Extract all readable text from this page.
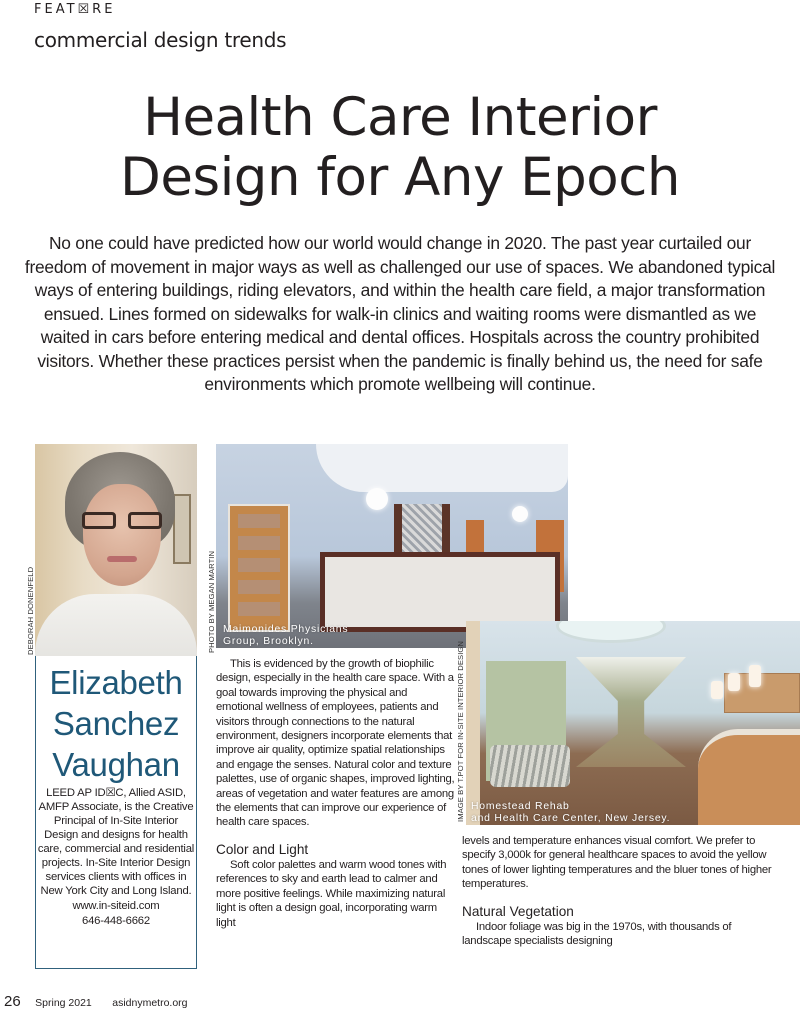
FEAT☒RE
commercial design trends
Health Care Interior
Design for Any Epoch

No one could have predicted how our world would change in 2020. The past year curtailed our freedom of movement in major ways as well as challenged our use of spaces. We abandoned typical ways of entering buildings, riding elevators, and within the health care field, a major transformation ensued. Lines formed on sidewalks for walk-in clinics and waiting rooms were dismantled as we waited in cars before entering medical and dental offices. Hospitals across the country prohibited visitors. Whether these practices persist when the pandemic is finally behind us, the need for safe environments which promote wellbeing will continue.

DEBORAH DONENFELD	Maimonides Physicians
Group, Brooklyn.
PHOTO BY MEGAN MARTIN
Homestead Rehab
and Health Care Center, New Jersey.
IMAGE BY T.POT FOR IN-SITE INTERIOR DESIGN
Elizabeth
Sanchez
Vaughan
LEED AP ID☒C, Allied ASID, AMFP Associate, is the Creative Principal of In-Site Interior Design and designs for health care, commercial and residential projects. In-Site Interior Design services clients with offices in New York City and Long Island.
www.in-siteid.com
646-448-6662

This is evidenced by the growth of biophilic design, especially in the health care space. With a goal towards improving the physical and emotional wellness of employees, patients and visitors through connections to the natural environment, designers incorporate elements that improve air quality, optimize spatial relationships and engage the senses. Natural color and texture palettes, use of organic shapes, improved lighting, areas of vegetation and water features are among the elements that can improve our experience of health care spaces.

Color and Light

Soft color palettes and warm wood tones with references to sky and earth lead to calmer and more positive feelings. While maximizing natural light is often a design goal, incorporating warm light

levels and temperature enhances visual comfort. We prefer to specify 3,000k for general healthcare spaces to avoid the yellow tones of lower lighting temperatures and the bluer tones of higher temperatures.

Natural Vegetation

Indoor foliage was big in the 1970s, with thousands of landscape specialists designing

26 Spring 2021 asidnymetro.org
